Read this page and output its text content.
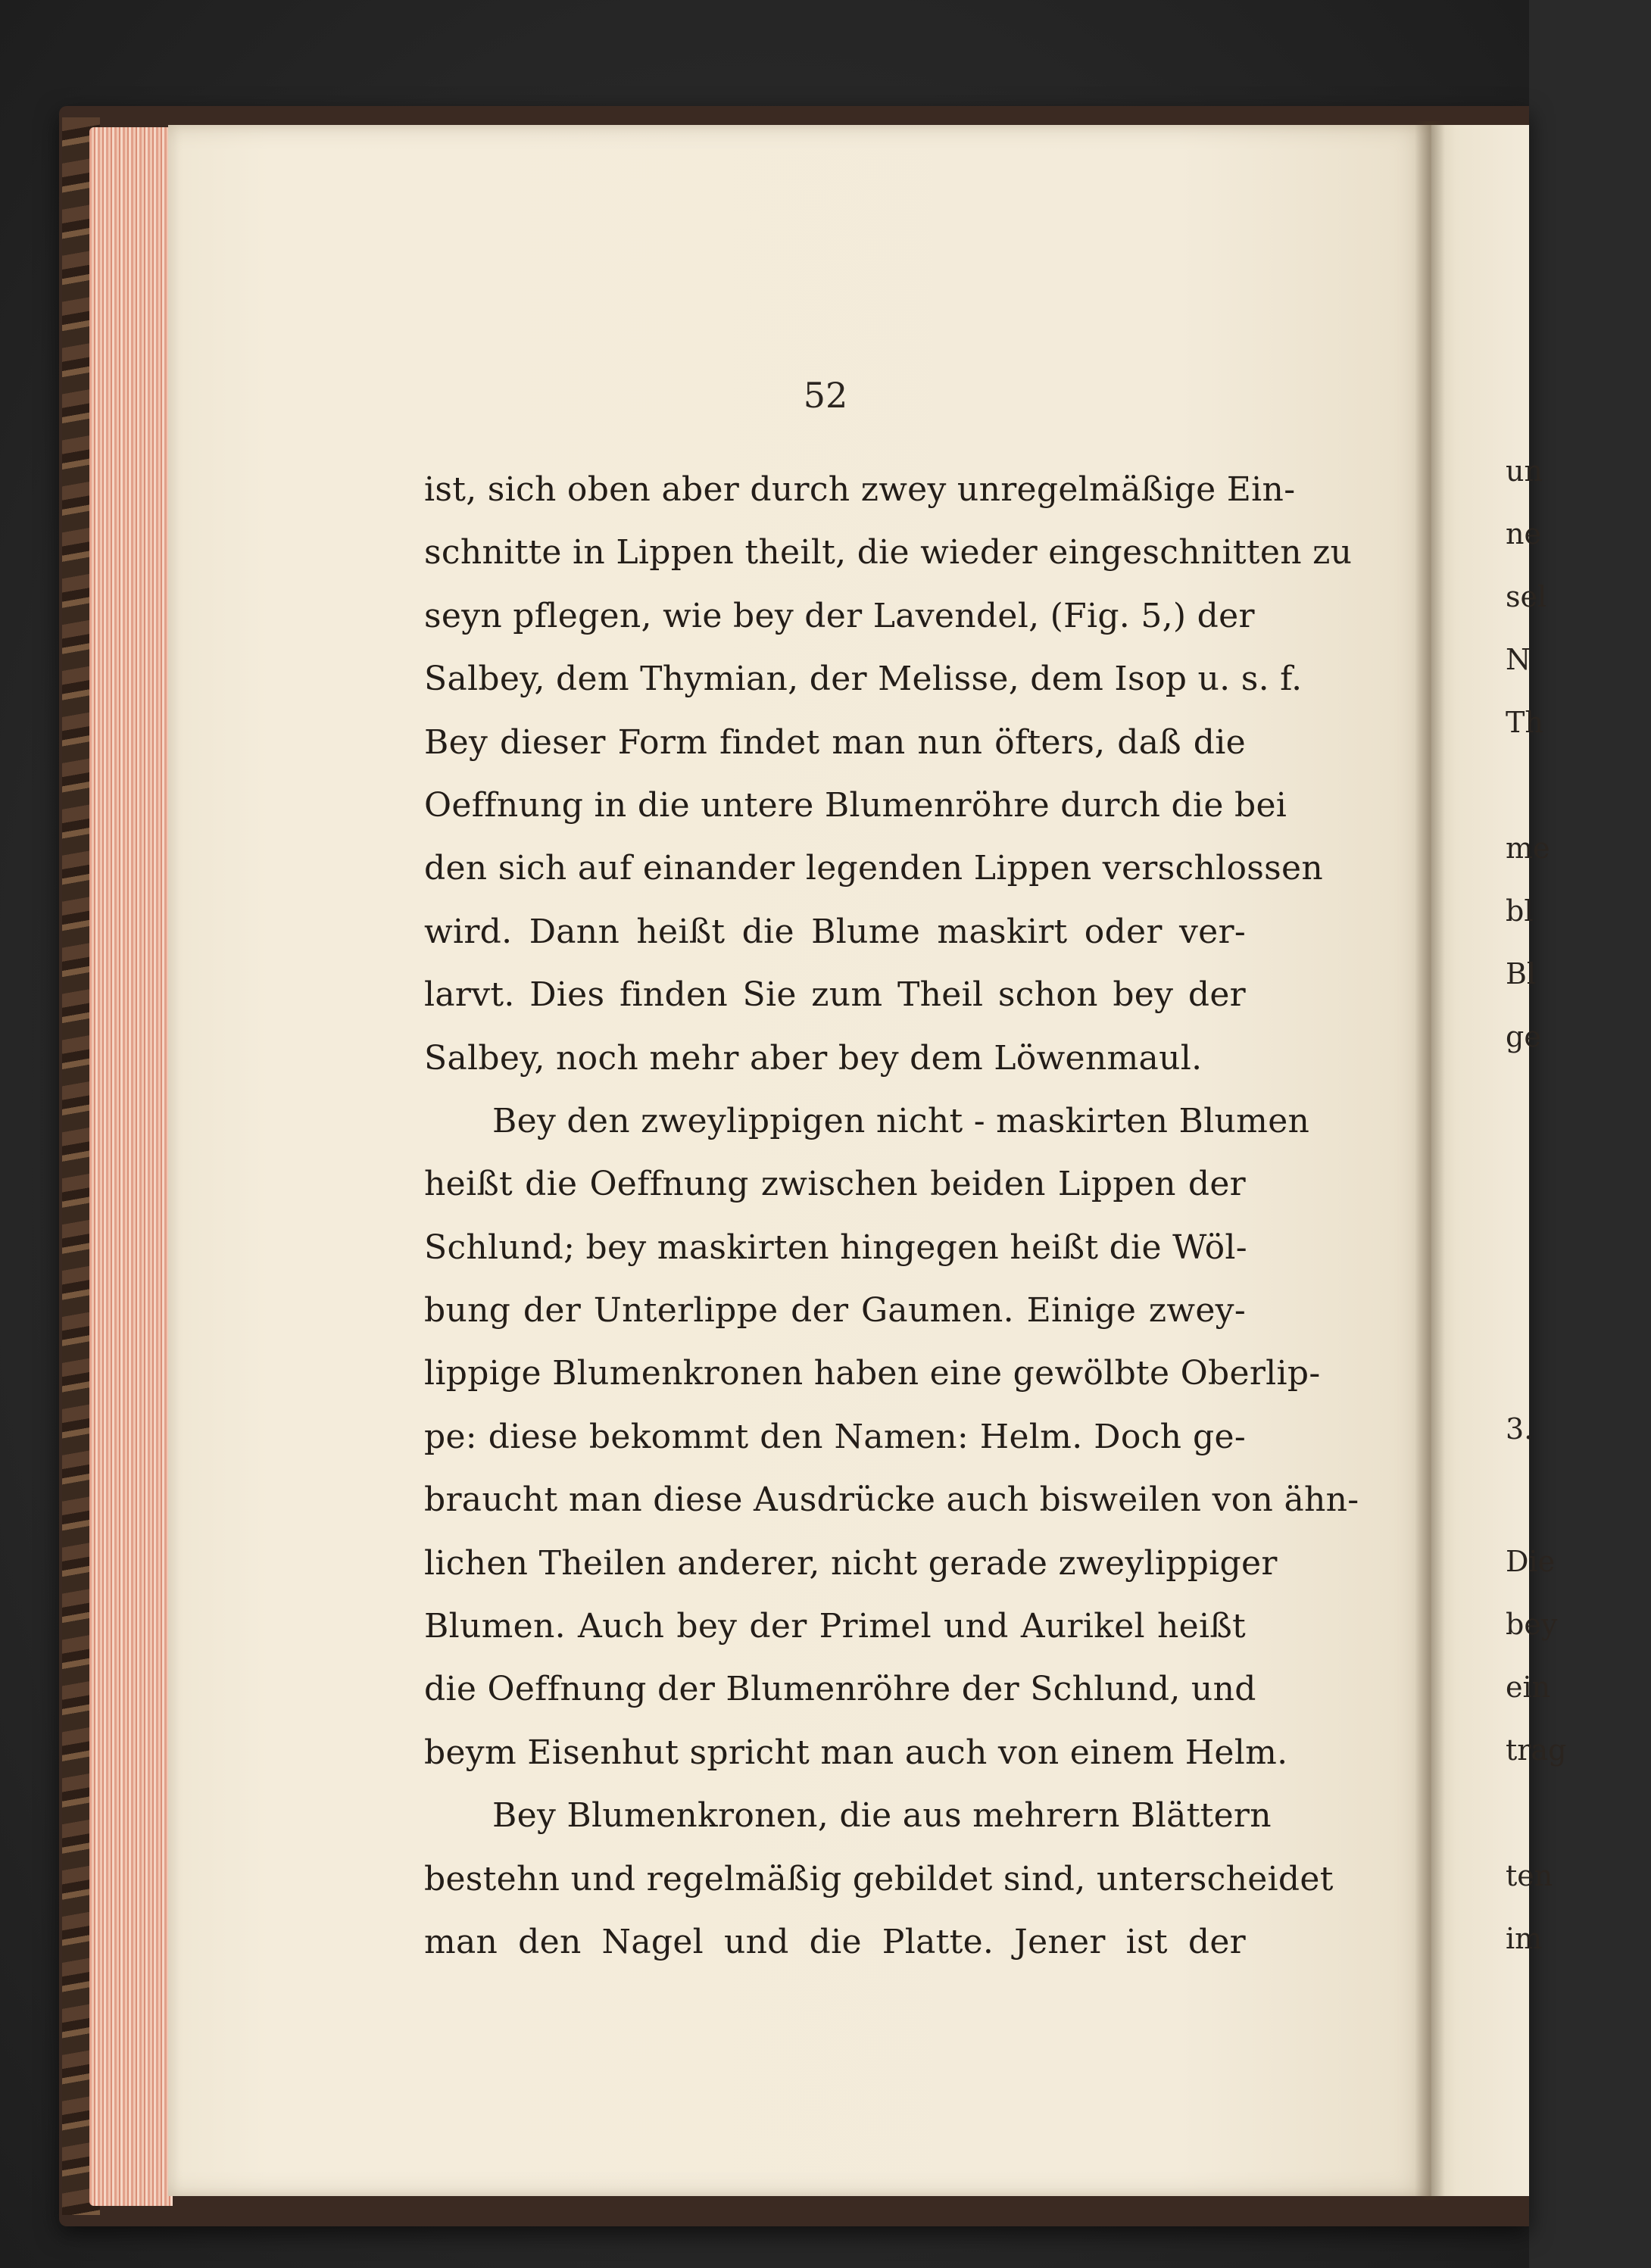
52
ist, sich oben aber durch zwey unregelmäßige Ein-
schnitte in Lippen theilt, die wieder eingeschnitten zu
seyn pflegen, wie bey der Lavendel, (Fig. 5,) der
Salbey, dem Thymian, der Melisse, dem Isop u. s. f.
Bey dieser Form findet man nun öfters, daß die
Oeffnung in die untere Blumenröhre durch die bei
den sich auf einander legenden Lippen verschlossen
wird. Dann heißt die Blume maskirt oder ver-
larvt. Dies finden Sie zum Theil schon bey der
Salbey, noch mehr aber bey dem Löwenmaul.
Bey den zweylippigen nicht - maskirten Blumen
heißt die Oeffnung zwischen beiden Lippen der
Schlund; bey maskirten hingegen heißt die Wöl-
bung der Unterlippe der Gaumen. Einige zwey-
lippige Blumenkronen haben eine gewölbte Oberlip-
pe: diese bekommt den Namen: Helm. Doch ge-
braucht man diese Ausdrücke auch bisweilen von ähn-
lichen Theilen anderer, nicht gerade zweylippiger
Blumen. Auch bey der Primel und Aurikel heißt
die Oeffnung der Blumenröhre der Schlund, und
beym Eisenhut spricht man auch von einem Helm.
Bey Blumenkronen, die aus mehrern Blättern
bestehn und regelmäßig gebildet sind, unterscheidet
man den Nagel und die Platte. Jener ist der
un
ne
sel
N
Th
me
bl
Bl
ge
3.
Die
bey
ein
trag
ten
im
